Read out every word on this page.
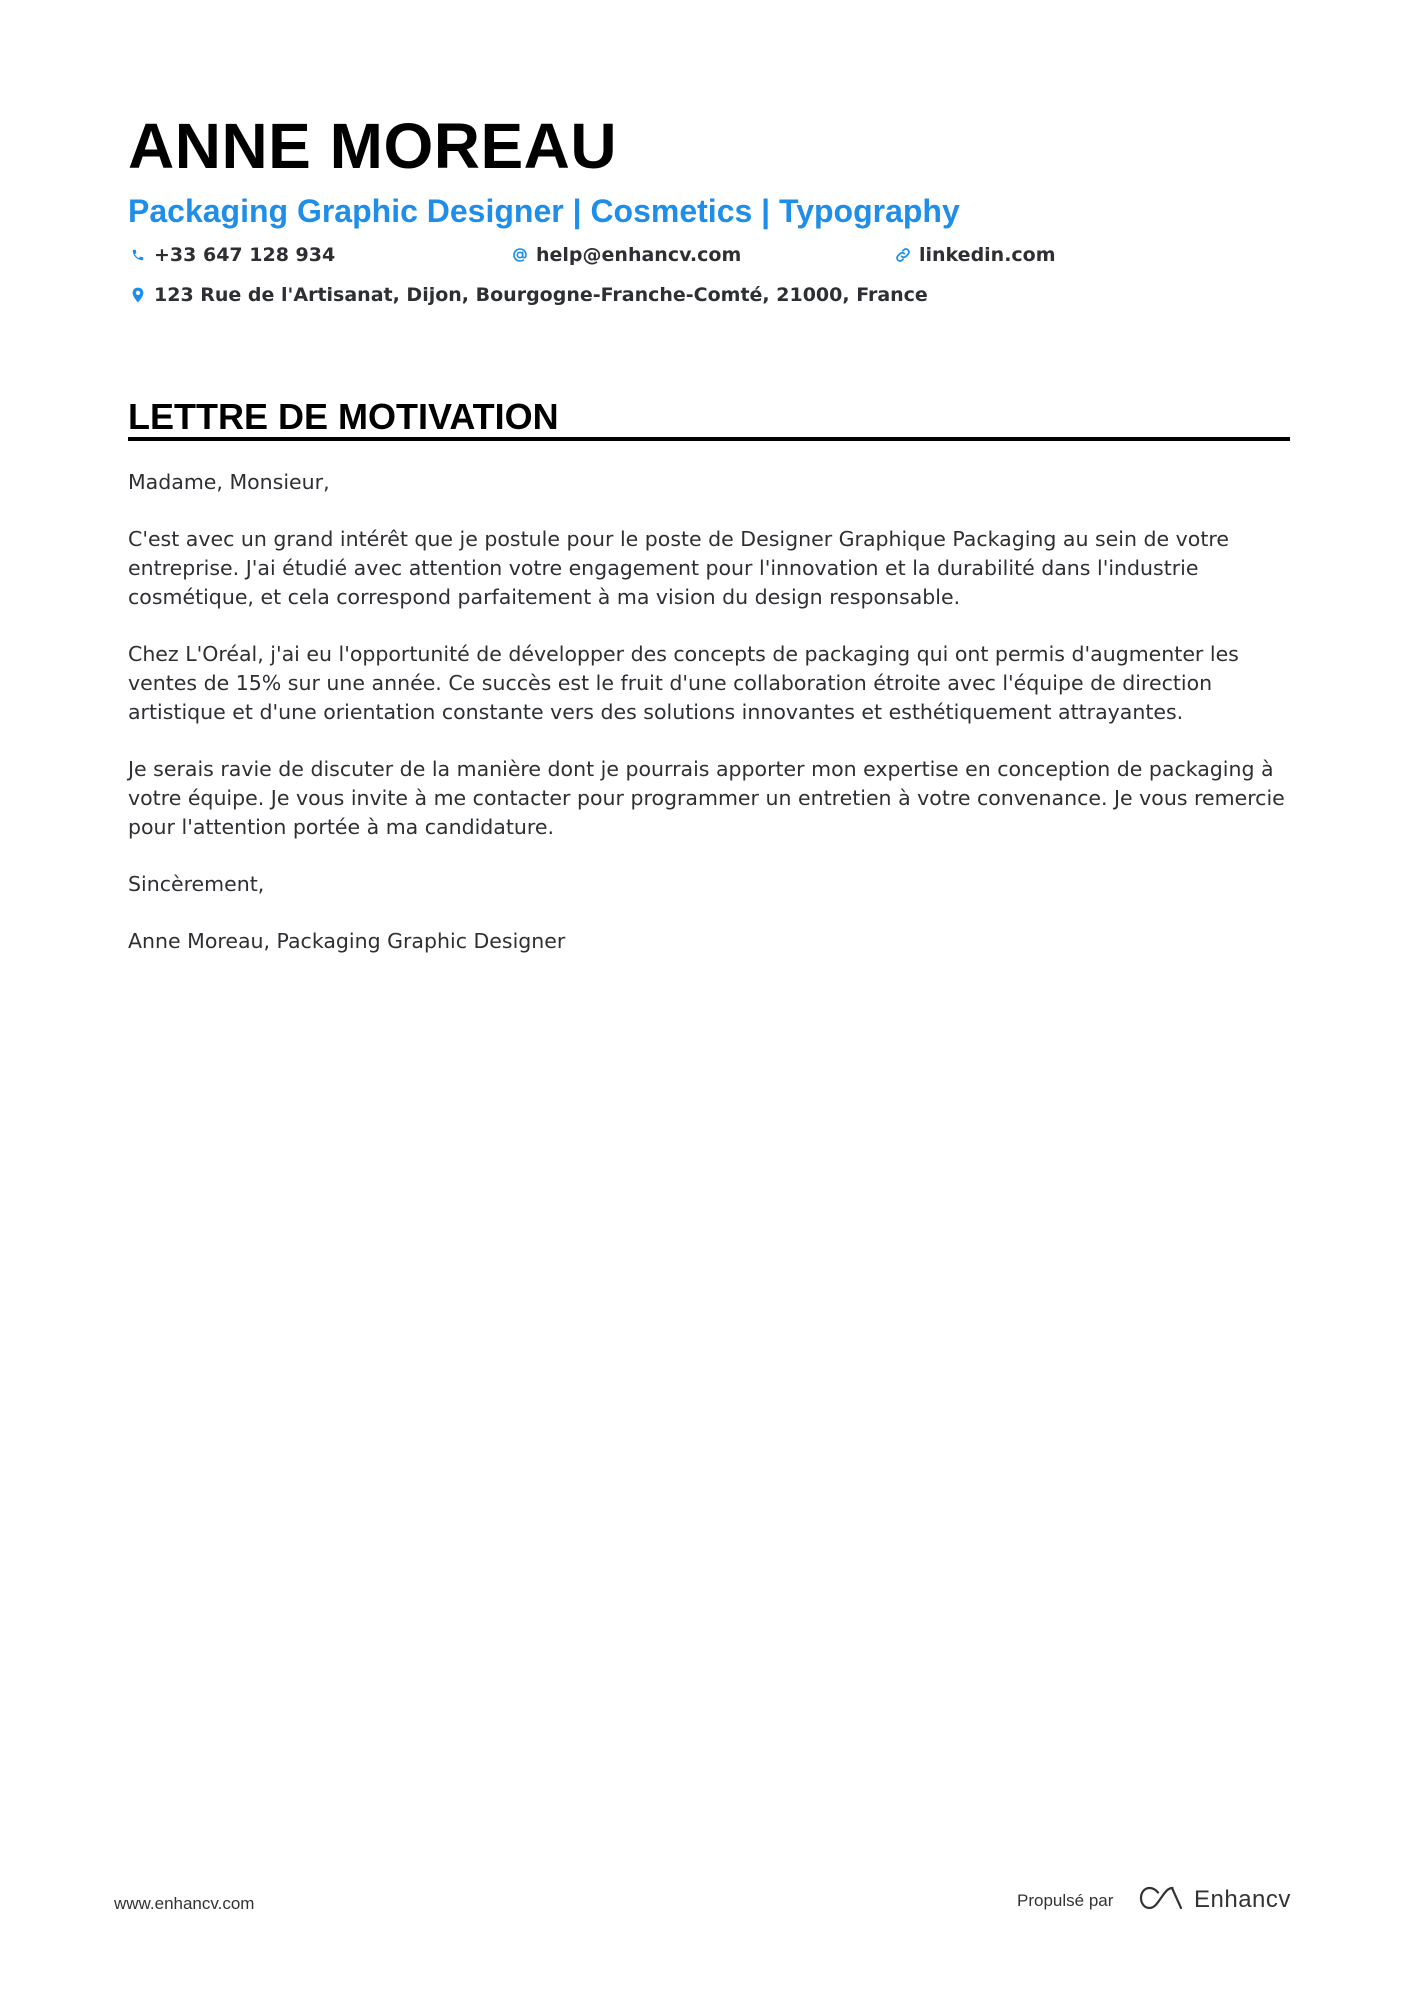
ANNE MOREAU
Packaging Graphic Designer | Cosmetics | Typography
+33 647 128 934	help@enhancv.com	linkedin.com
123 Rue de l'Artisanat, Dijon, Bourgogne-Franche-Comté, 21000, France
LETTRE DE MOTIVATION

Madame, Monsieur,

C'est avec un grand intérêt que je postule pour le poste de Designer Graphique Packaging au sein de votre entreprise. J'ai étudié avec attention votre engagement pour l'innovation et la durabilité dans l'industrie cosmétique, et cela correspond parfaitement à ma vision du design responsable.

Chez L'Oréal, j'ai eu l'opportunité de développer des concepts de packaging qui ont permis d'augmenter les ventes de 15% sur une année. Ce succès est le fruit d'une collaboration étroite avec l'équipe de direction artistique et d'une orientation constante vers des solutions innovantes et esthétiquement attrayantes.

Je serais ravie de discuter de la manière dont je pourrais apporter mon expertise en conception de packaging à votre équipe. Je vous invite à me contacter pour programmer un entretien à votre convenance. Je vous remercie pour l'attention portée à ma candidature.

Sincèrement,

Anne Moreau, Packaging Graphic Designer

www.enhancv.com	Propulsé par	Enhancv
